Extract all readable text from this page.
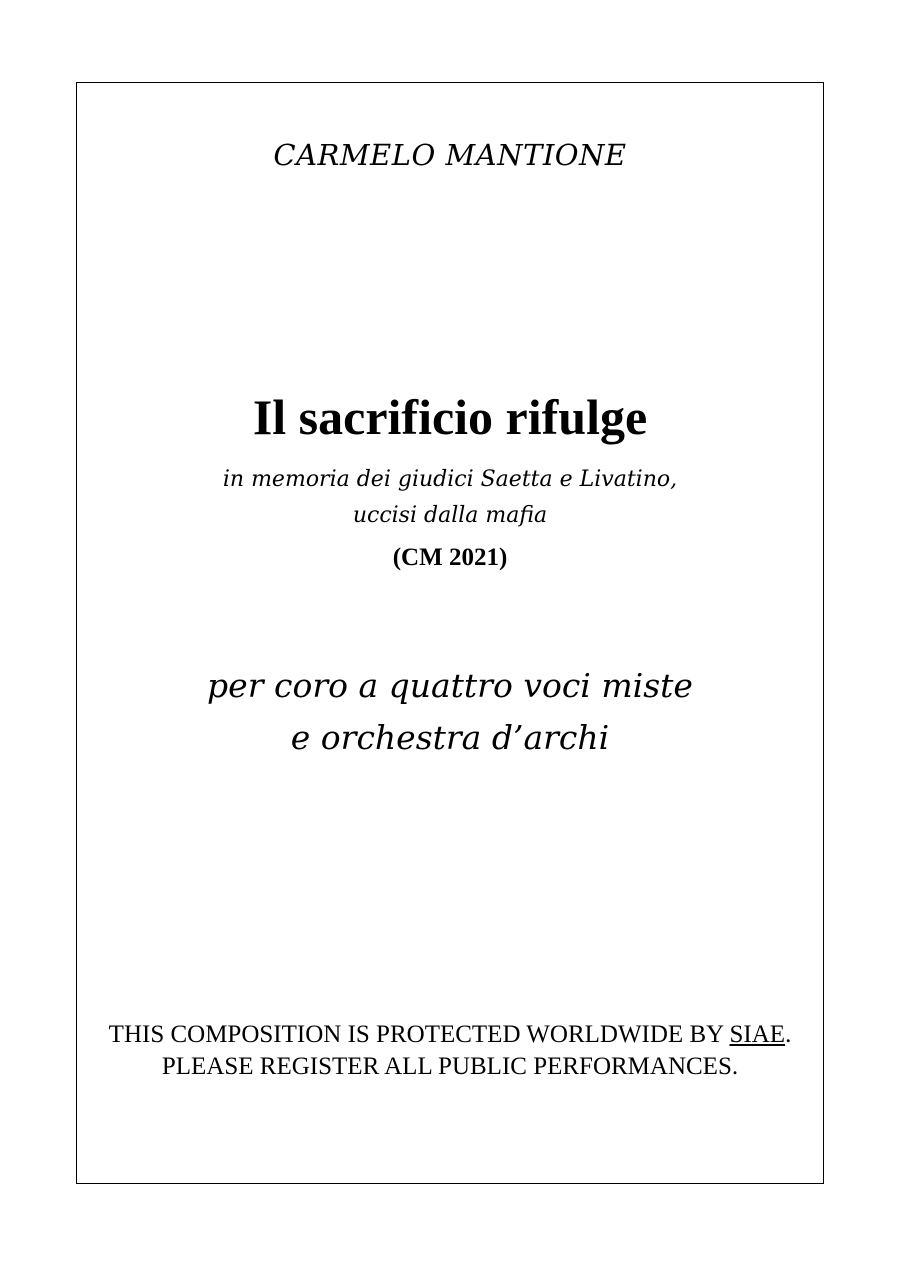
CARMELO MANTIONE
Il sacrificio rifulge
in memoria dei giudici Saetta e Livatino,
uccisi dalla mafia
(CM 2021)
per coro a quattro voci miste
e orchestra d’archi
THIS COMPOSITION IS PROTECTED WORLDWIDE BY SIAE.
PLEASE REGISTER ALL PUBLIC PERFORMANCES.
